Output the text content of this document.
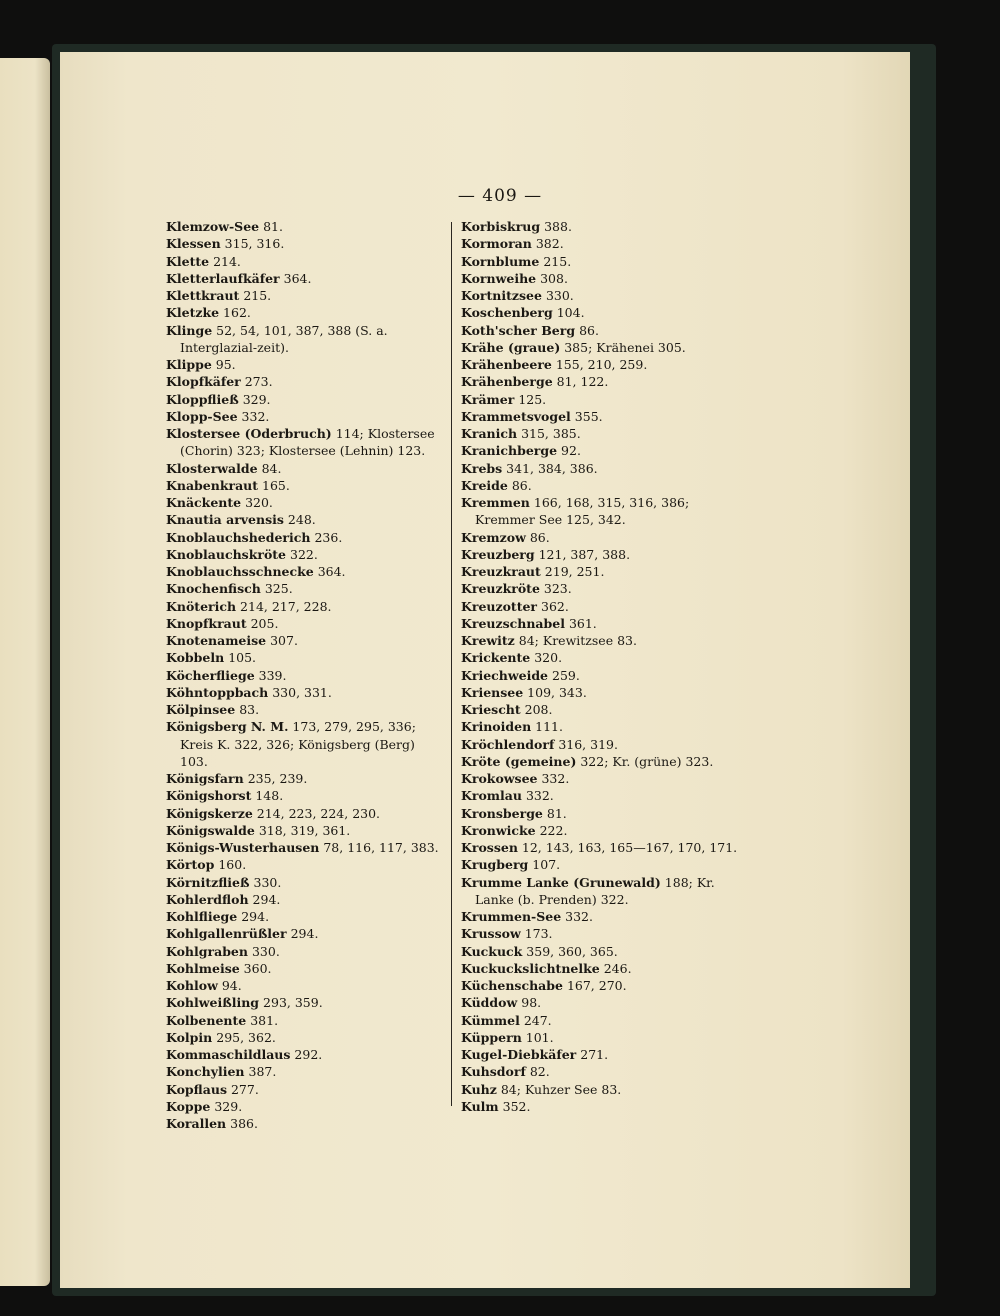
— 409 —
Klemzow-See 81.
Klessen 315, 316.
Klette 214.
Kletterlaufkäfer 364.
Klettkraut 215.
Kletzke 162.
Klinge 52, 54, 101, 387, 388 (S. a. Interglazial-zeit).
Klippe 95.
Klopfkäfer 273.
Kloppfließ 329.
Klopp-See 332.
Klostersee (Oderbruch) 114; Klostersee (Chorin) 323; Klostersee (Lehnin) 123.
Klosterwalde 84.
Knabenkraut 165.
Knäckente 320.
Knautia arvensis 248.
Knoblauchshederich 236.
Knoblauchskröte 322.
Knoblauchsschnecke 364.
Knochenfisch 325.
Knöterich 214, 217, 228.
Knopfkraut 205.
Knotenameise 307.
Kobbeln 105.
Köcherfliege 339.
Köhntoppbach 330, 331.
Kölpinsee 83.
Königsberg N. M. 173, 279, 295, 336; Kreis K. 322, 326; Königsberg (Berg) 103.
Königsfarn 235, 239.
Königshorst 148.
Königskerze 214, 223, 224, 230.
Königswalde 318, 319, 361.
Königs-Wusterhausen 78, 116, 117, 383.
Körtop 160.
Körnitzfließ 330.
Kohlerdfloh 294.
Kohlfliege 294.
Kohlgallenrüßler 294.
Kohlgraben 330.
Kohlmeise 360.
Kohlow 94.
Kohlweißling 293, 359.
Kolbenente 381.
Kolpin 295, 362.
Kommaschildlaus 292.
Konchylien 387.
Kopflaus 277.
Koppe 329.
Korallen 386.
Korbiskrug 388.
Kormoran 382.
Kornblume 215.
Kornweihe 308.
Kortnitzsee 330.
Koschenberg 104.
Koth'scher Berg 86.
Krähe (graue) 385; Krähenei 305.
Krähenbeere 155, 210, 259.
Krähenberge 81, 122.
Krämer 125.
Krammetsvogel 355.
Kranich 315, 385.
Kranichberge 92.
Krebs 341, 384, 386.
Kreide 86.
Kremmen 166, 168, 315, 316, 386; Kremmer See 125, 342.
Kremzow 86.
Kreuzberg 121, 387, 388.
Kreuzkraut 219, 251.
Kreuzkröte 323.
Kreuzotter 362.
Kreuzschnabel 361.
Krewitz 84; Krewitzsee 83.
Krickente 320.
Kriechweide 259.
Kriensee 109, 343.
Kriescht 208.
Krinoiden 111.
Kröchlendorf 316, 319.
Kröte (gemeine) 322; Kr. (grüne) 323.
Krokowsee 332.
Kromlau 332.
Kronsberge 81.
Kronwicke 222.
Krossen 12, 143, 163, 165—167, 170, 171.
Krugberg 107.
Krumme Lanke (Grunewald) 188; Kr. Lanke (b. Prenden) 322.
Krummen-See 332.
Krussow 173.
Kuckuck 359, 360, 365.
Kuckuckslichtnelke 246.
Küchenschabe 167, 270.
Küddow 98.
Kümmel 247.
Küppern 101.
Kugel-Diebkäfer 271.
Kuhsdorf 82.
Kuhz 84; Kuhzer See 83.
Kulm 352.
